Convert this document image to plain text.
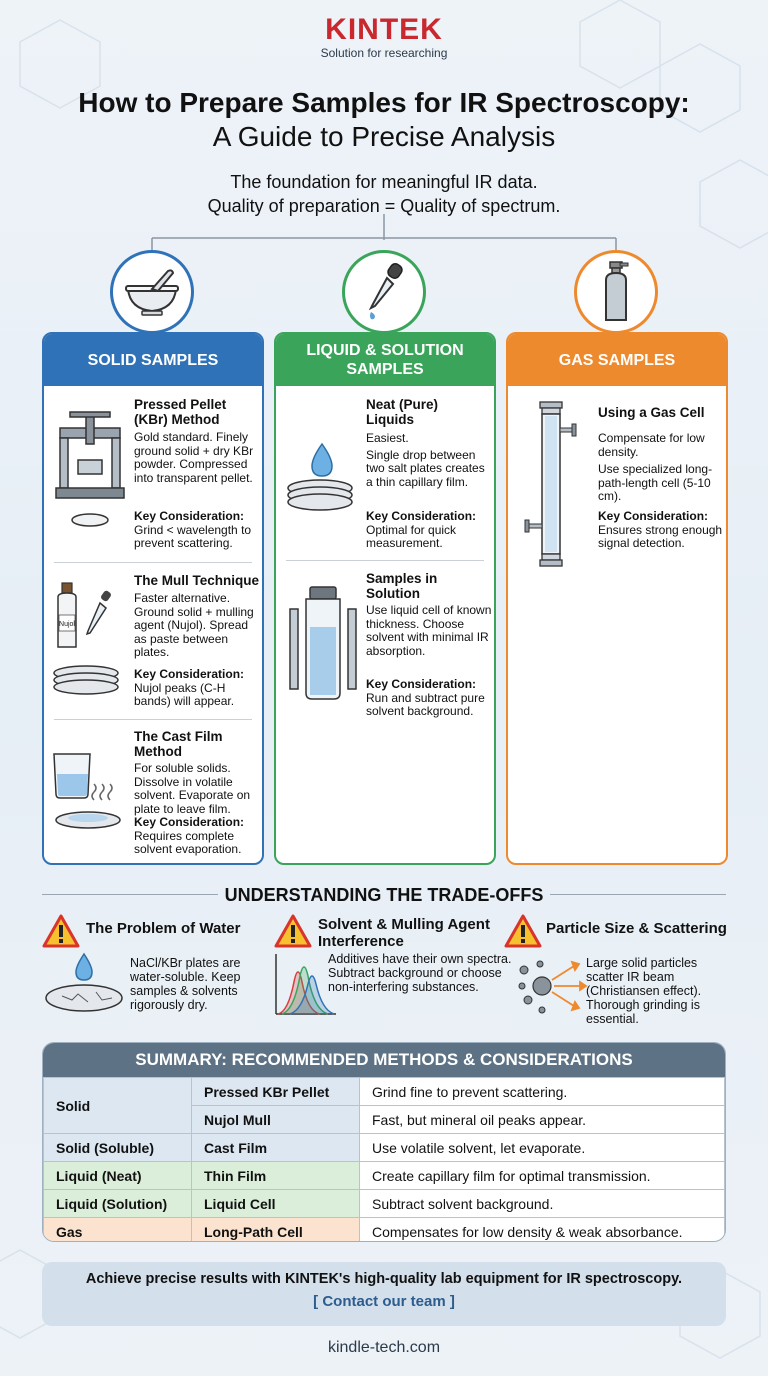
KINTEK
Solution for researching
How to Prepare Samples for IR Spectroscopy:
A Guide to Precise Analysis
The foundation for meaningful IR data.
Quality of preparation = Quality of spectrum.
SOLID SAMPLES
Pressed Pellet (KBr) Method
Gold standard. Finely ground solid + dry KBr powder. Compressed into transparent pellet.
Key Consideration:
Grind < wavelength to prevent scattering.
Nujol
The Mull Technique
Faster alternative. Ground solid + mulling agent (Nujol). Spread as paste between plates.
Key Consideration:
Nujol peaks (C-H bands) will appear.
The Cast Film Method
For soluble solids. Dissolve in volatile solvent. Evaporate on plate to leave film.
Key Consideration:
Requires complete solvent evaporation.
LIQUID & SOLUTION SAMPLES
Neat (Pure) Liquids
Easiest.
Single drop between two salt plates creates a thin capillary film.
Key Consideration:
Optimal for quick measurement.
Samples in Solution
Use liquid cell of known thickness. Choose solvent with minimal IR absorption.
Key Consideration:
Run and subtract pure solvent background.
GAS SAMPLES
Using a Gas Cell
Compensate for low density.
Use specialized long-path-length cell (5-10 cm).
Key Consideration:
Ensures strong enough signal detection.
UNDERSTANDING THE TRADE-OFFS
The Problem of Water
NaCl/KBr plates are water-soluble. Keep samples & solvents rigorously dry.
Solvent & Mulling Agent Interference
Additives have their own spectra. Subtract background or choose non-interfering substances.
Particle Size & Scattering
Large solid particles scatter IR beam (Christiansen effect). Thorough grinding is essential.
SUMMARY: RECOMMENDED METHODS & CONSIDERATIONS
Solid	Pressed KBr Pellet	Grind fine to prevent scattering.
	Nujol Mull	Fast, but mineral oil peaks appear.
Solid (Soluble)	Cast Film	Use volatile solvent, let evaporate.
Liquid (Neat)	Thin Film	Create capillary film for optimal transmission.
Liquid (Solution)	Liquid Cell	Subtract solvent background.
Gas	Long-Path Cell	Compensates for low density & weak absorbance.
Achieve precise results with KINTEK's high-quality lab equipment for IR spectroscopy.
[ Contact our team ]
kindle-tech.com
